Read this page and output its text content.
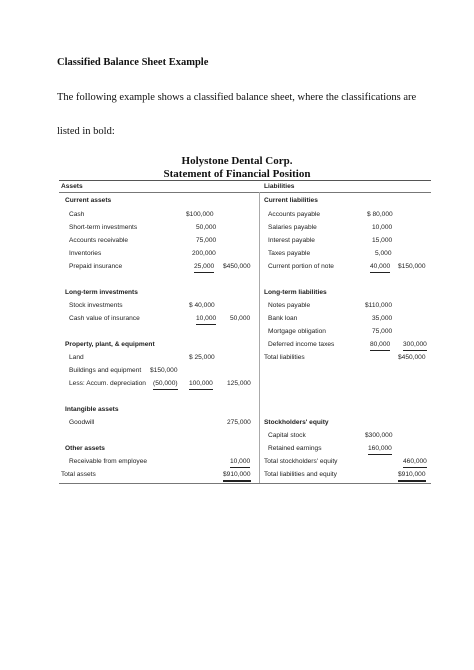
Classified Balance Sheet Example
The following example shows a classified balance sheet, where the classifications are
listed in bold:
Holystone Dental Corp.
Statement of Financial Position
Assets
Current assets
Cash	$100,000
Short-term investments	50,000
Accounts receivable	75,000
Inventories	200,000
Prepaid insurance	25,000 $450,000
Long-term investments
Stock investments	$ 40,000
Cash value of insurance	10,000 50,000
Property, plant, & equipment
Land	$ 25,000
Buildings and equipment $150,000
Less: Accum. depreciation (50,000) 100,000 125,000
Intangible assets
Goodwill	275,000
Other assets
Receivable from employee	10,000
Total assets	$910,000
Liabilities
Current liabilities
Accounts payable	$ 80,000
Salaries payable	10,000
Interest payable	15,000
Taxes payable	5,000
Current portion of note	40,000 $150,000
Long-term liabilities
Notes payable	$110,000
Bank loan	35,000
Mortgage obligation	75,000
Deferred income taxes	80,000 300,000
Total liabilities	$450,000
Stockholders' equity
Capital stock	$300,000
Retained earnings	160,000
Total stockholders' equity	460,000
Total liabilities and equity	$910,000
